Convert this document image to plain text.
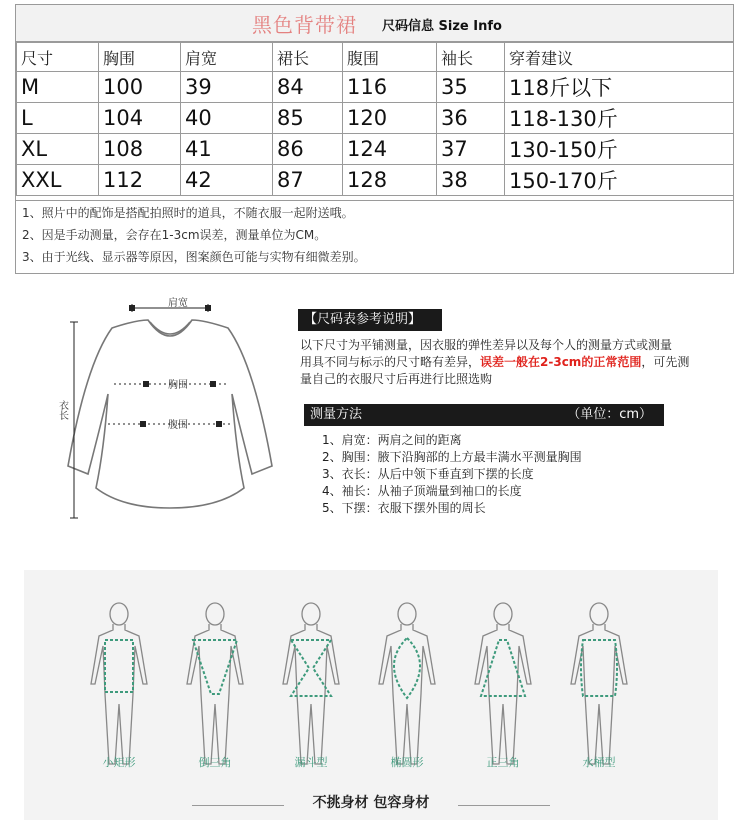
黑色背带裙 尺码信息 Size Info
尺寸	胸围	肩宽	裙长	腹围	袖长	穿着建议
M	100	39	84	116	35	118斤以下
L	104	40	85	120	36	118-130斤
XL	108	41	86	124	37	130-150斤
XXL	112	42	87	128	38	150-170斤
1、照片中的配饰是搭配拍照时的道具，不随衣服一起附送哦。
2、因是手动测量，会存在1-3cm误差，测量单位为CM。
3、由于光线、显示器等原因，图案颜色可能与实物有细微差别。
肩宽
胸围
腹围
衣长
【尺码表参考说明】
以下尺寸为平铺测量，因衣服的弹性差异以及每个人的测量方式或测量
用具不同与标示的尺寸略有差异，误差一般在2-3cm的正常范围，可先测
量自己的衣服尺寸后再进行比照选购
测量方法	（单位：cm）
1、肩宽：两肩之间的距离
2、胸围：腋下沿胸部的上方最丰满水平测量胸围
3、衣长：从后中领下垂直到下摆的长度
4、袖长：从袖子顶端量到袖口的长度
5、下摆：衣服下摆外围的周长
小矩形	倒三角	漏斗型	椭圆形	正三角	水桶型
不挑身材 包容身材
